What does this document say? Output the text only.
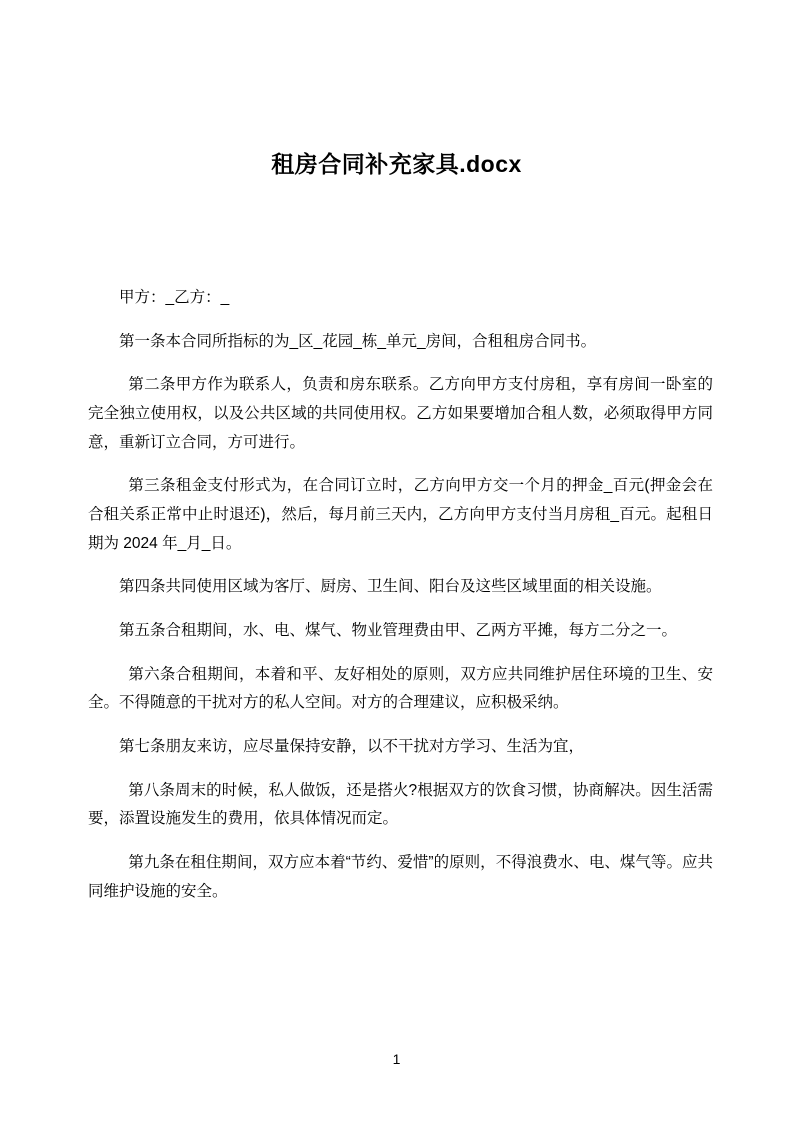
租房合同补充家具.docx

甲方：_乙方：_

第一条本合同所指标的为_区_花园_栋_单元_房间，合租租房合同书。

第二条甲方作为联系人，负责和房东联系。乙方向甲方支付房租，享有房间一卧室的完全独立使用权，以及公共区域的共同使用权。乙方如果要增加合租人数，必须取得甲方同意，重新订立合同，方可进行。

第三条租金支付形式为，在合同订立时，乙方向甲方交一个月的押金_百元(押金会在合租关系正常中止时退还)，然后，每月前三天内，乙方向甲方支付当月房租_百元。起租日期为 2024 年_月_日。

第四条共同使用区域为客厅、厨房、卫生间、阳台及这些区域里面的相关设施。

第五条合租期间，水、电、煤气、物业管理费由甲、乙两方平摊，每方二分之一。

第六条合租期间，本着和平、友好相处的原则，双方应共同维护居住环境的卫生、安全。不得随意的干扰对方的私人空间。对方的合理建议，应积极采纳。

第七条朋友来访，应尽量保持安静，以不干扰对方学习、生活为宜，

第八条周末的时候，私人做饭，还是搭火?根据双方的饮食习惯，协商解决。因生活需要，添置设施发生的费用，依具体情况而定。

第九条在租住期间，双方应本着“节约、爱惜”的原则，不得浪费水、电、煤气等。应共同维护设施的安全。

1
